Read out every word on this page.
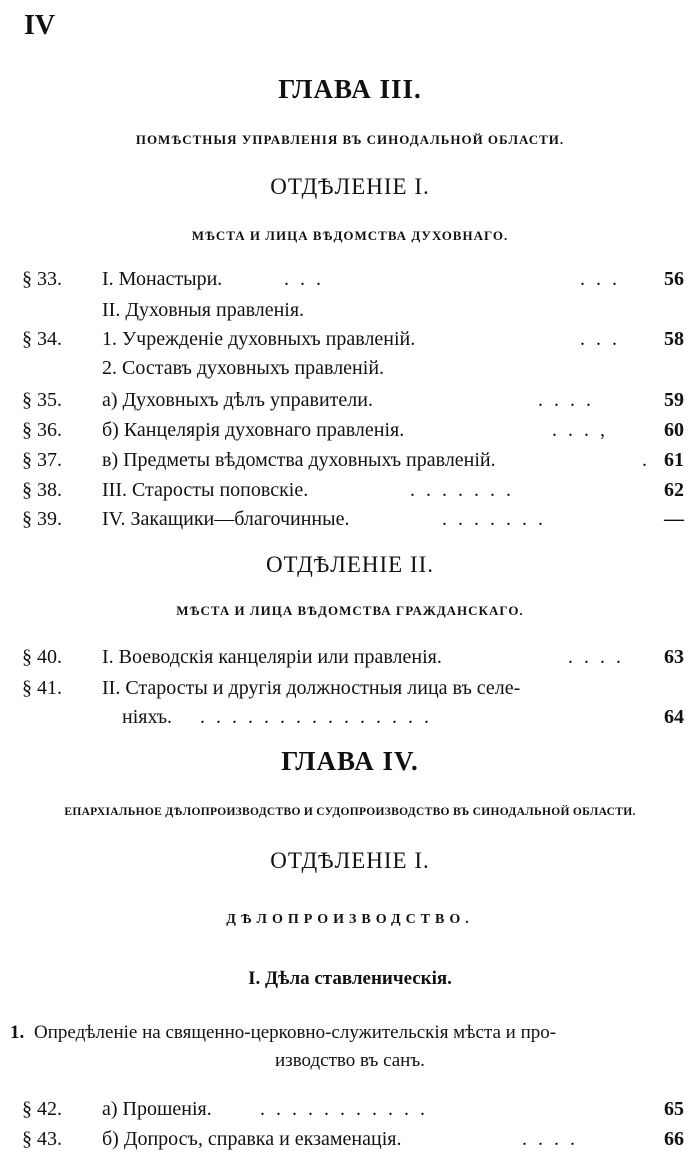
IV
ГЛАВА III.
ПОМѢСТНЫЯ УПРАВЛЕНІЯ ВЪ СИНОДАЛЬНОЙ ОБЛАСТИ.
ОТДѢЛЕНІЕ I.
МѢСТА И ЛИЦА ВѢДОМСТВА ДУХОВНАГО.
§ 33. I. Монастыри.	. . .	. . . 56
II. Духовныя правленія.
§ 34. 1. Учрежденіе духовныхъ правленій.	. . . 58
2. Составъ духовныхъ правленій.
§ 35. а) Духовныхъ дѣлъ управители.	. . . .	59
§ 36. б) Канцелярія духовнаго правленія.	. . . ,	60
§ 37. в) Предметы вѣдомства духовныхъ правленій.	. 61
§ 38. III. Старосты поповскіе.	. . . . . . .	62
§ 39. IV. Закащики—благочинные.	. . . . . . .	—
ОТДѢЛЕНІЕ II.
МѢСТА И ЛИЦА ВѢДОМСТВА ГРАЖДАНСКАГО.
§ 40. I. Воеводскія канцеляріи или правленія.	. . . . 63
§ 41. II. Старосты и другія должностныя лица въ селе-
ніяхъ. . . . . . . . . . . . . . . .	64
ГЛАВА IV.
ЕПАРХІАЛЬНОЕ ДѢЛОПРОИЗВОДСТВО И СУДОПРОИЗВОДСТВО ВЪ СИНОДАЛЬНОЙ ОБЛАСТИ.
ОТДѢЛЕНІЕ I.
ДѢЛОПРОИЗВОДСТВО.
I. Дѣла ставленическія.
1. Опредѣленіе на священно-церковно-служительскія мѣста и про-
изводство въ санъ.
§ 42. а) Прошенія. . . . . . . . . . . .	65
§ 43. б) Допросъ, справка и екзаменація.	. . . .	66
